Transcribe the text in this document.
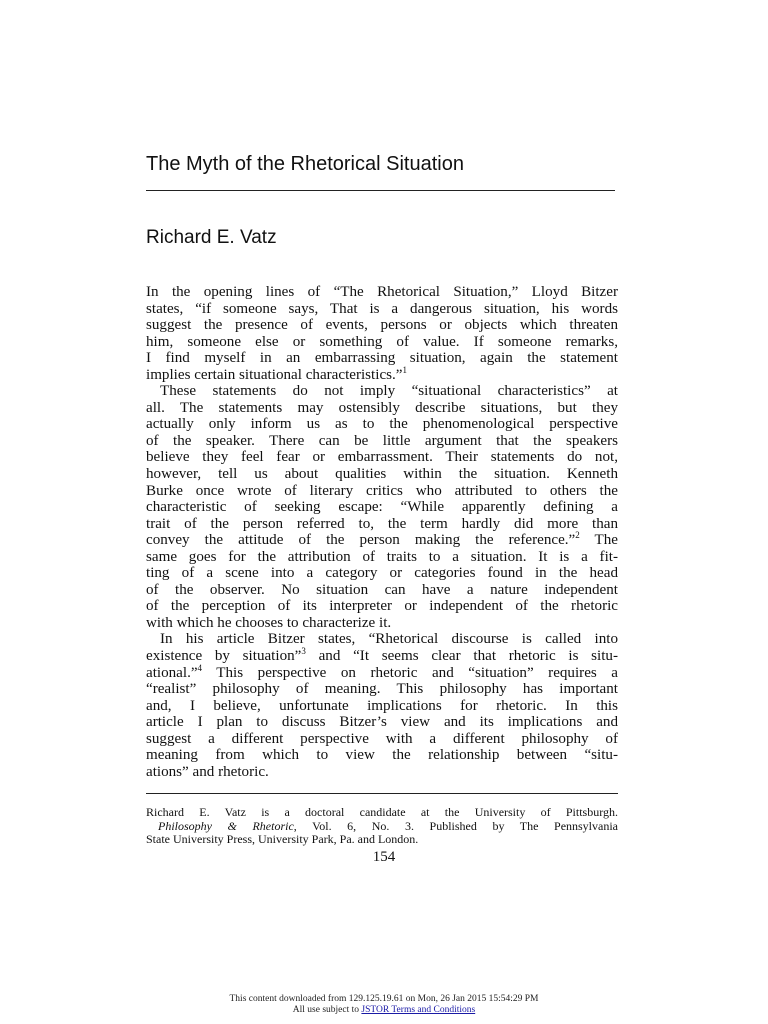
The Myth of the Rhetorical Situation
Richard E. Vatz

In the opening lines of “The Rhetorical Situation,” Lloyd Bitzer
states, “if someone says, That is a dangerous situation, his words
suggest the presence of events, persons or objects which threaten
him, someone else or something of value. If someone remarks,
I find myself in an embarrassing situation, again the statement
implies certain situational characteristics.”$^1$

These statements do not imply “situational characteristics” at
all. The statements may ostensibly describe situations, but they
actually only inform us as to the phenomenological perspective
of the speaker. There can be little argument that the speakers
believe they feel fear or embarrassment. Their statements do not,
however, tell us about qualities within the situation. Kenneth
Burke once wrote of literary critics who attributed to others the
characteristic of seeking escape: “While apparently defining a
trait of the person referred to, the term hardly did more than
convey the attitude of the person making the reference.”$^2$ The
same goes for the attribution of traits to a situation. It is a fit-
ting of a scene into a category or categories found in the head
of the observer. No situation can have a nature independent
of the perception of its interpreter or independent of the rhetoric
with which he chooses to characterize it.

In his article Bitzer states, “Rhetorical discourse is called into
existence by situation”$^3$ and “It seems clear that rhetoric is situ-
ational.”$^4$ This perspective on rhetoric and “situation” requires a
“realist” philosophy of meaning. This philosophy has important
and, I believe, unfortunate implications for rhetoric. In this
article I plan to discuss Bitzer’s view and its implications and
suggest a different perspective with a different philosophy of
meaning from which to view the relationship between “situ-
ations” and rhetoric.

Richard E. Vatz is a doctoral candidate at the University of Pittsburgh.
Philosophy & Rhetoric, Vol. 6, No. 3. Published by The Pennsylvania
State University Press, University Park, Pa. and London.
154
This content downloaded from 129.125.19.61 on Mon, 26 Jan 2015 15:54:29 PM
All use subject to JSTOR Terms and Conditions
